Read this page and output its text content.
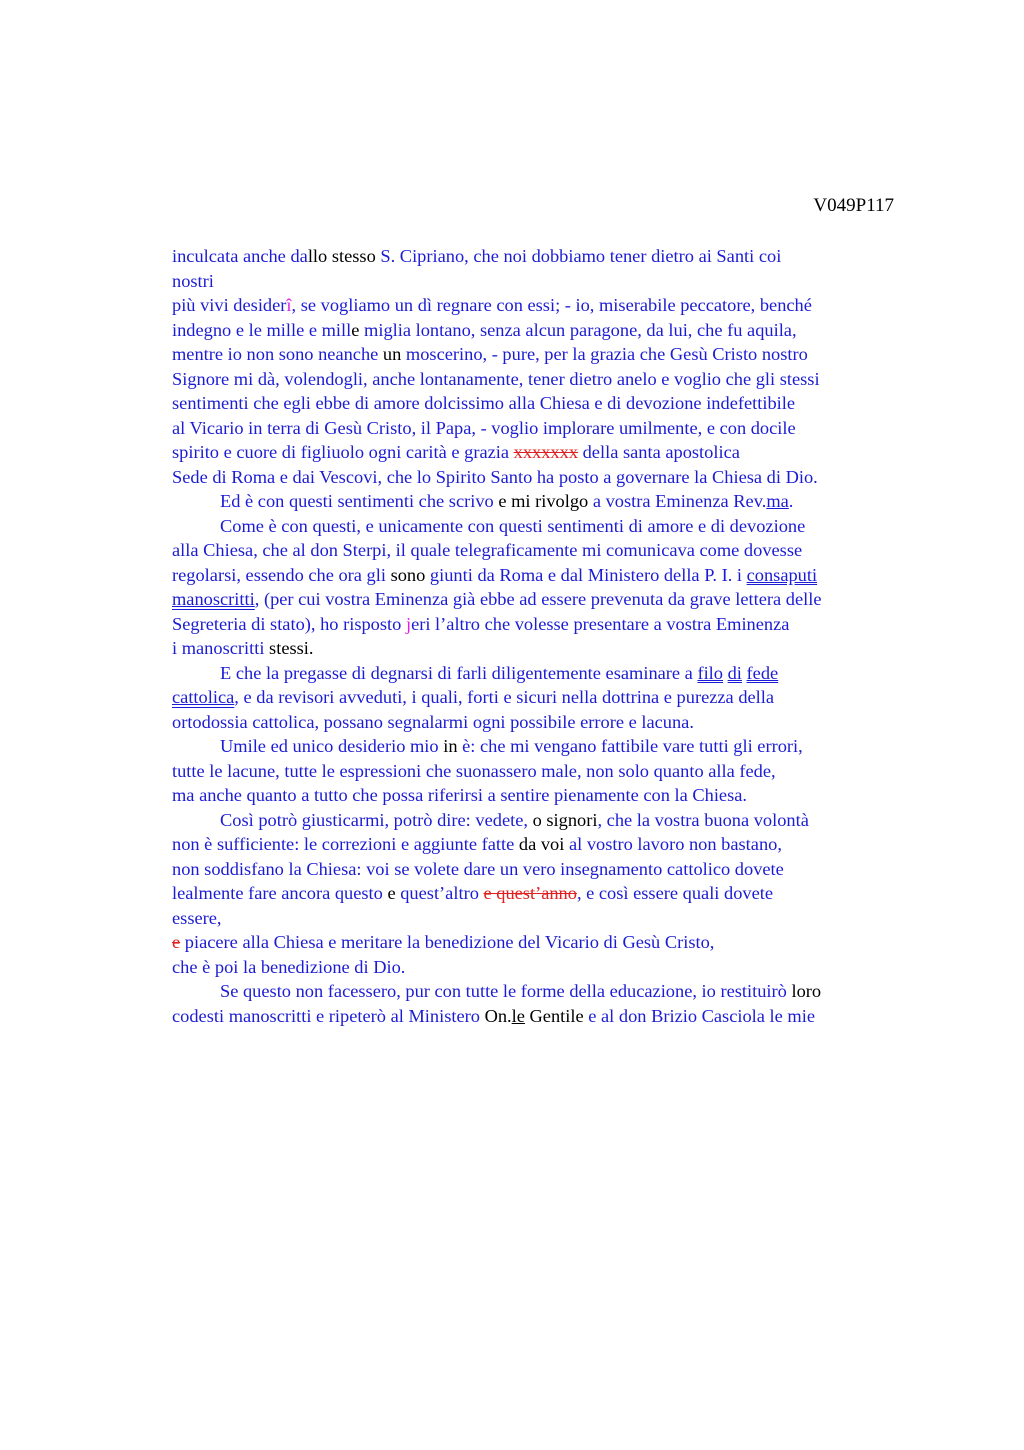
V049P117
inculcata anche dallo stesso S. Cipriano, che noi dobbiamo tener dietro ai Santi coi
nostri
più vivi desiderî, se vogliamo un dì regnare con essi; - io, miserabile peccatore, benché
indegno e le mille e mille miglia lontano, senza alcun paragone, da lui, che fu aquila,
mentre io non sono neanche un moscerino, - pure, per la grazia che Gesù Cristo nostro
Signore mi dà, volendogli, anche lontanamente, tener dietro anelo e voglio che gli stessi
sentimenti che egli ebbe di amore dolcissimo alla Chiesa e di devozione indefettibile
al Vicario in terra di Gesù Cristo, il Papa, - voglio implorare umilmente, e con docile
spirito e cuore di figliuolo ogni carità e grazia xxxxxxx della santa apostolica
Sede di Roma e dai Vescovi, che lo Spirito Santo ha posto a governare la Chiesa di Dio.
Ed è con questi sentimenti che scrivo e mi rivolgo a vostra Eminenza Rev.ma.
Come è con questi, e unicamente con questi sentimenti di amore e di devozione
alla Chiesa, che al don Sterpi, il quale telegraficamente mi comunicava come dovesse
regolarsi, essendo che ora gli sono giunti da Roma e dal Ministero della P. I. i consaputi
manoscritti, (per cui vostra Eminenza già ebbe ad essere prevenuta da grave lettera delle
Segreteria di stato), ho risposto jeri l’altro che volesse presentare a vostra Eminenza
i manoscritti stessi.
E che la pregasse di degnarsi di farli diligentemente esaminare a filo di fede
cattolica, e da revisori avveduti, i quali, forti e sicuri nella dottrina e purezza della
ortodossia cattolica, possano segnalarmi ogni possibile errore e lacuna.
Umile ed unico desiderio mio in è: che mi vengano fattibile vare tutti gli errori,
tutte le lacune, tutte le espressioni che suonassero male, non solo quanto alla fede,
ma anche quanto a tutto che possa riferirsi a sentire pienamente con la Chiesa.
Così potrò giusticarmi, potrò dire: vedete, o signori, che la vostra buona volontà
non è sufficiente: le correzioni e aggiunte fatte da voi al vostro lavoro non bastano,
non soddisfano la Chiesa: voi se volete dare un vero insegnamento cattolico dovete
lealmente fare ancora questo e quest’altro e quest’anno, e così essere quali dovete
essere,
e piacere alla Chiesa e meritare la benedizione del Vicario di Gesù Cristo,
che è poi la benedizione di Dio.
Se questo non facessero, pur con tutte le forme della educazione, io restituirò loro
codesti manoscritti e ripeterò al Ministero On.le Gentile e al don Brizio Casciola le mie
